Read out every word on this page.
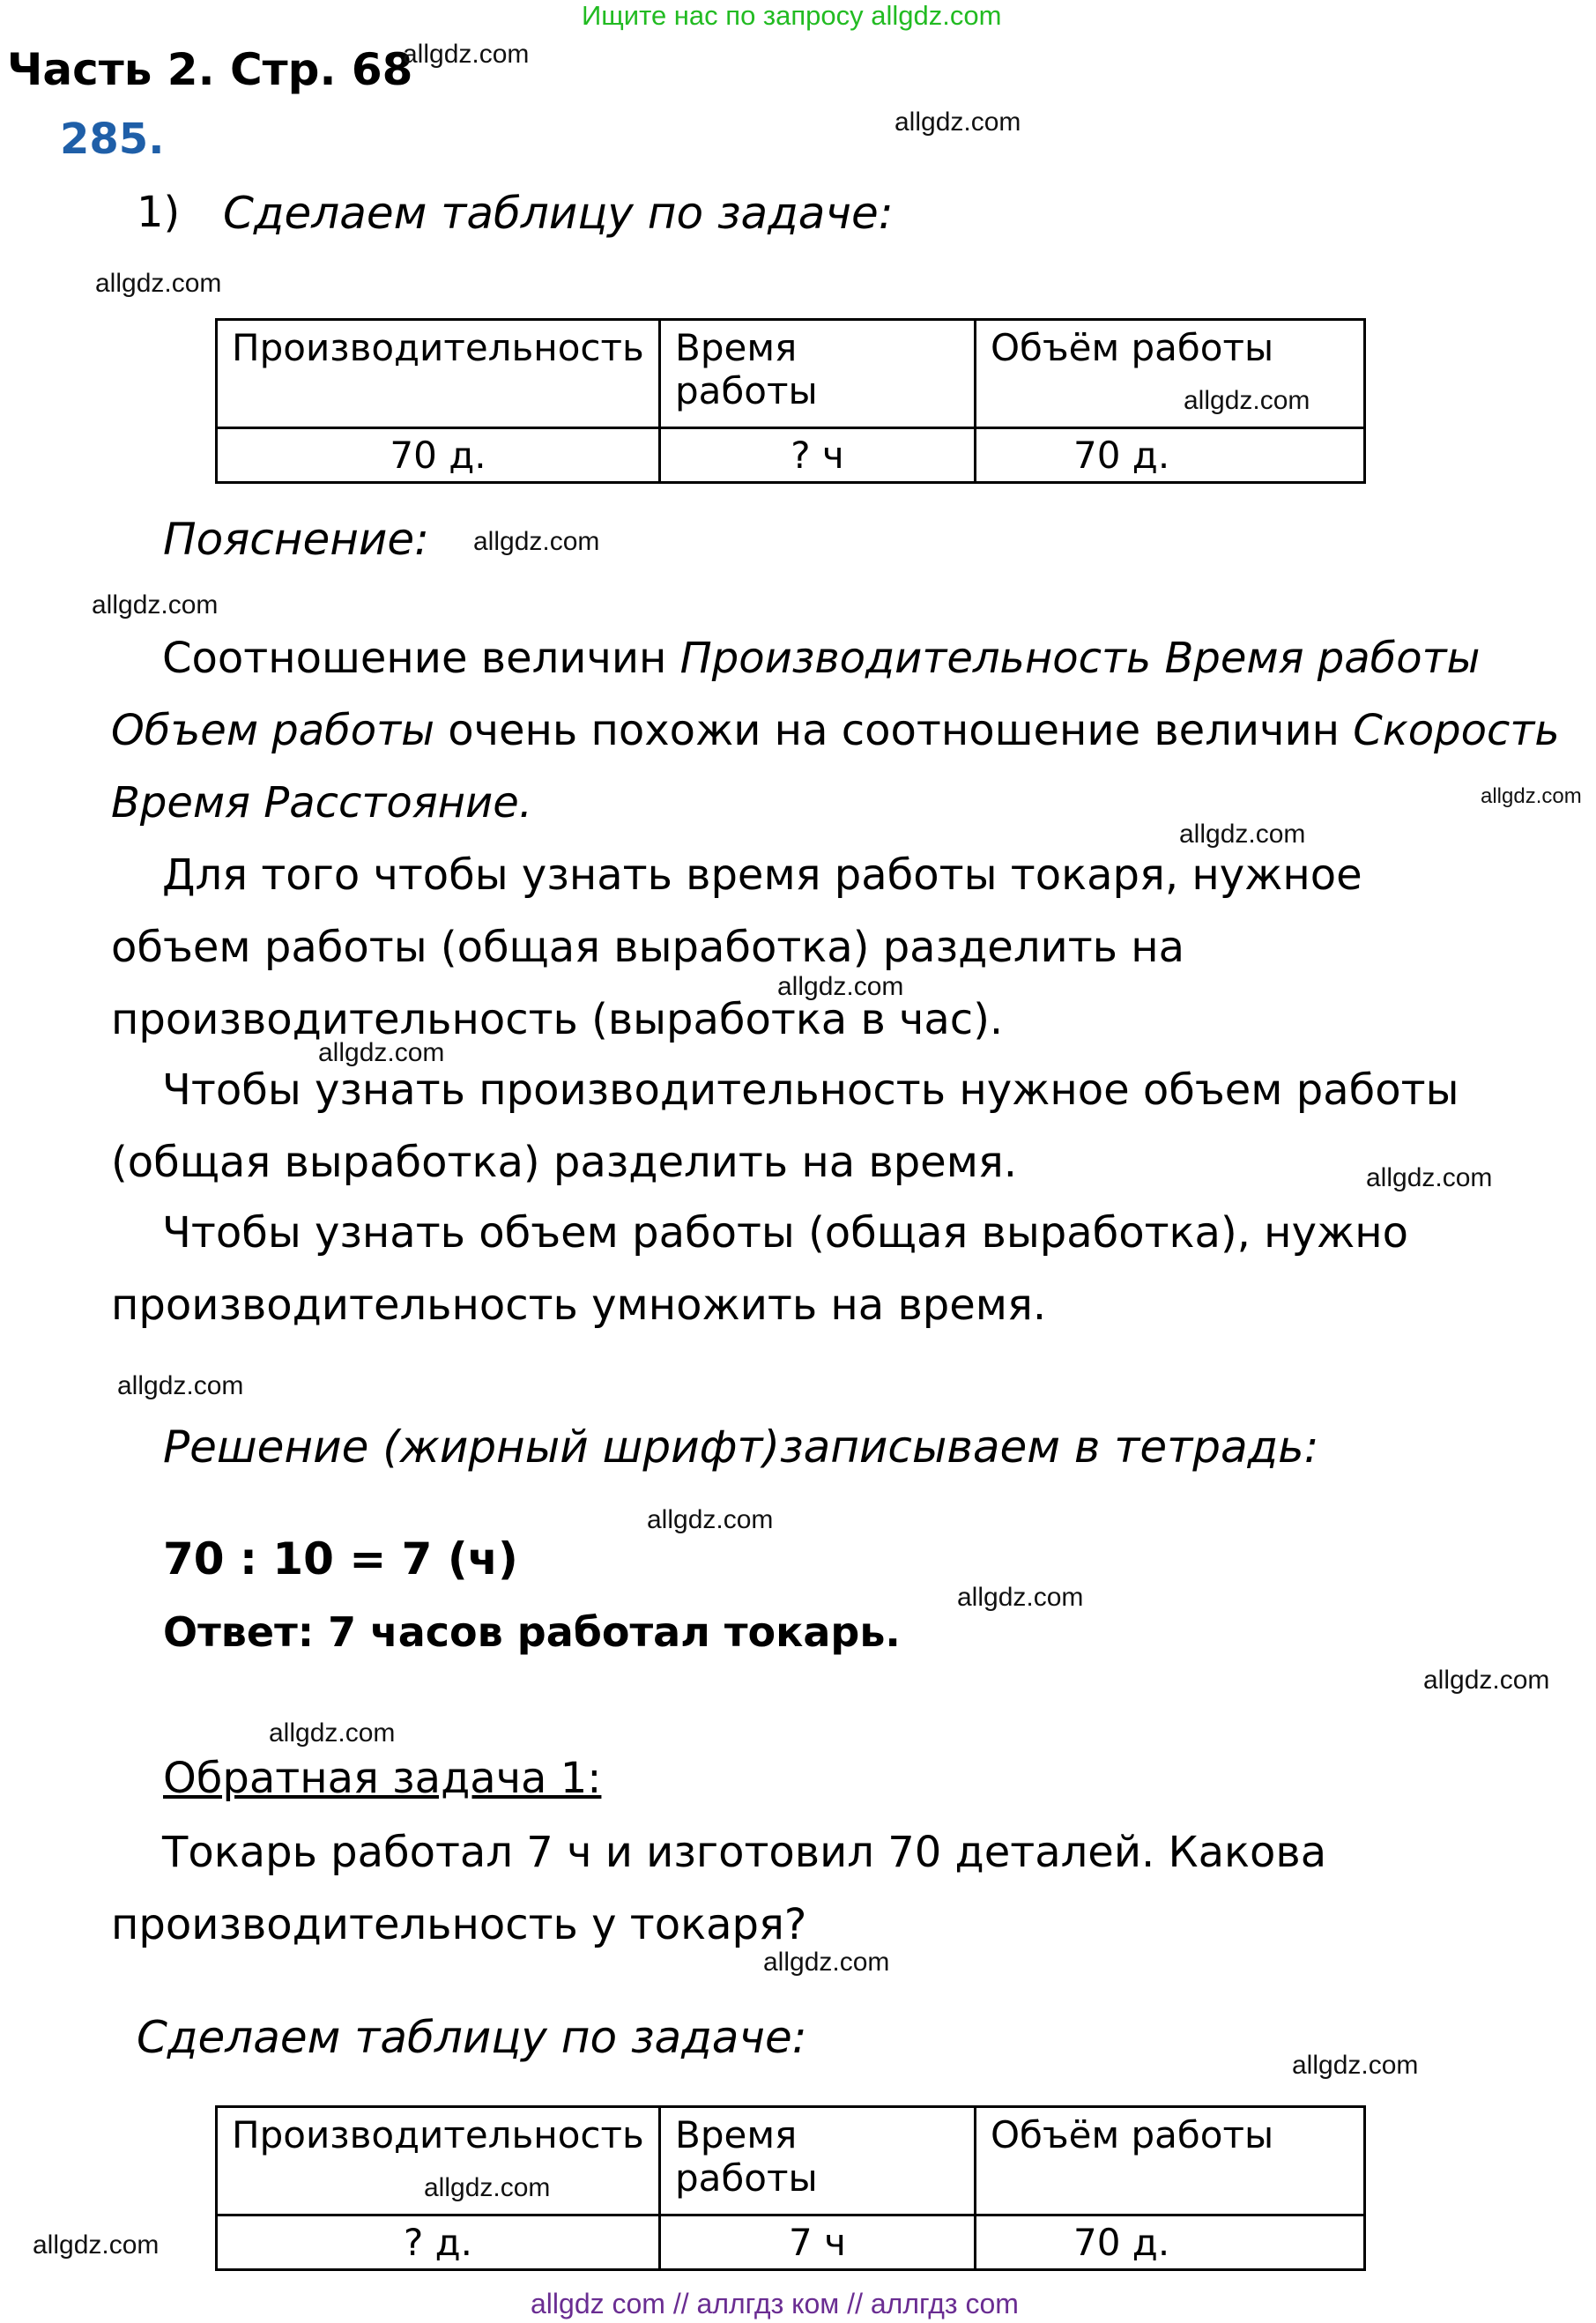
Ищите нас по запросу allgdz.com
Часть 2. Стр. 68
285.
1) Сделаем таблицу по задаче:
Производительность	Время работы	Объём работы
70 д.	? ч	70 д.
Пояснение:
Соотношение величин Производительность Время работы Объем работы очень похожи на соотношение величин Скорость Время Расстояние.
Для того чтобы узнать время работы токаря, нужное объем работы (общая выработка) разделить на производительность (выработка в час).
Чтобы узнать производительность нужное объем работы (общая выработка) разделить на время.
Чтобы узнать объем работы (общая выработка), нужно производительность умножить на время.
Решение (жирный шрифт)записываем в тетрадь:
70 : 10 = 7 (ч)
Ответ: 7 часов работал токарь.
Обратная задача 1:
Токарь работал 7 ч и изготовил 70 деталей. Какова производительность у токаря?
Сделаем таблицу по задаче:
Производительность	Время работы	Объём работы
? д.	7 ч	70 д.
allgdz.com
allgdz.com
allgdz.com
allgdz.com
allgdz.com
allgdz.com
allgdz.com
allgdz.com
allgdz.com
allgdz.com
allgdz.com
allgdz.com
allgdz.com
allgdz.com
allgdz.com
allgdz.com
allgdz.com
allgdz.com
allgdz.com
allgdz.com
allgdz com // аллгдз ком // аллгдз com
